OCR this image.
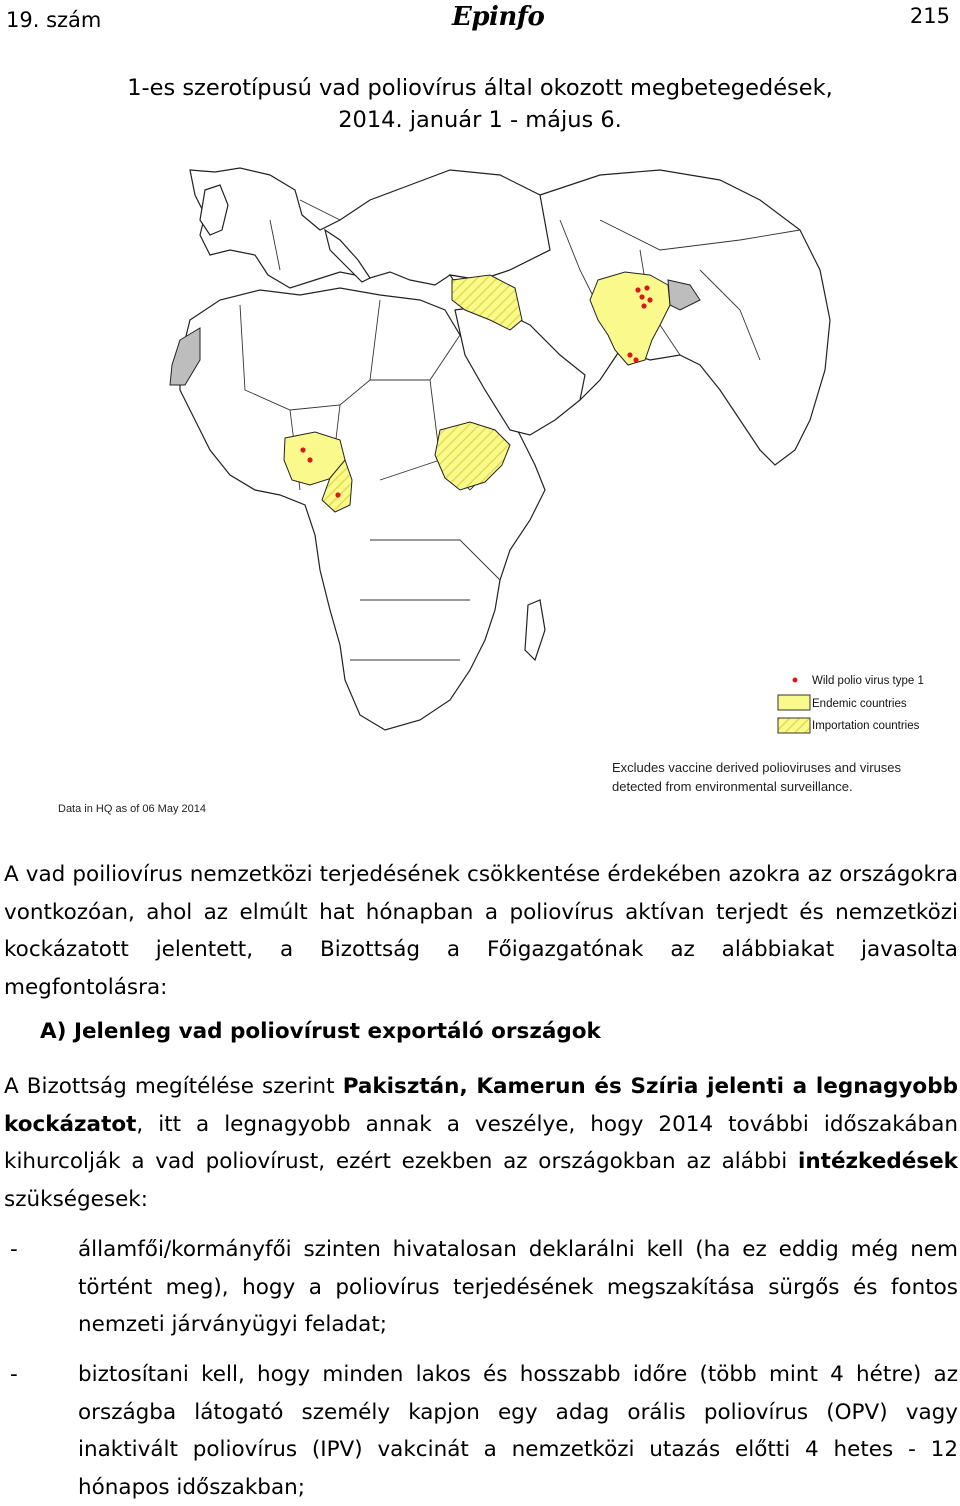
19. szám	Epinfo	215
1-es szerotípusú vad poliovírus által okozott megbetegedések,
2014. január 1 - május 6.
Wild polio virus type 1
Endemic countries
Importation countries
Excludes vaccine derived polioviruses and viruses
detected from environmental surveillance.
Data in HQ as of 06 May 2014
A vad poiliovírus nemzetközi terjedésének csökkentése érdekében azokra az országokra vontkozóan, ahol az elmúlt hat hónapban a poliovírus aktívan terjedt és nemzetközi kockázatott jelentett, a Bizottság a Főigazgatónak az alábbiakat javasolta megfontolásra:
A) Jelenleg vad poliovírust exportáló országok
A Bizottság megítélése szerint Pakisztán, Kamerun és Szíria jelenti a legnagyobb kockázatot, itt a legnagyobb annak a veszélye, hogy 2014 további időszakában kihurcolják a vad poliovírust, ezért ezekben az országokban az alábbi intézkedések szükségesek:
-	államfői/kormányfői szinten hivatalosan deklarálni kell (ha ez eddig még nem történt meg), hogy a poliovírus terjedésének megszakítása sürgős és fontos nemzeti járványügyi feladat;
-	biztosítani kell, hogy minden lakos és hosszabb időre (több mint 4 hétre) az országba látogató személy kapjon egy adag orális poliovírus (OPV) vagy inaktivált poliovírus (IPV) vakcinát a nemzetközi utazás előtti 4 hetes - 12 hónapos időszakban;
